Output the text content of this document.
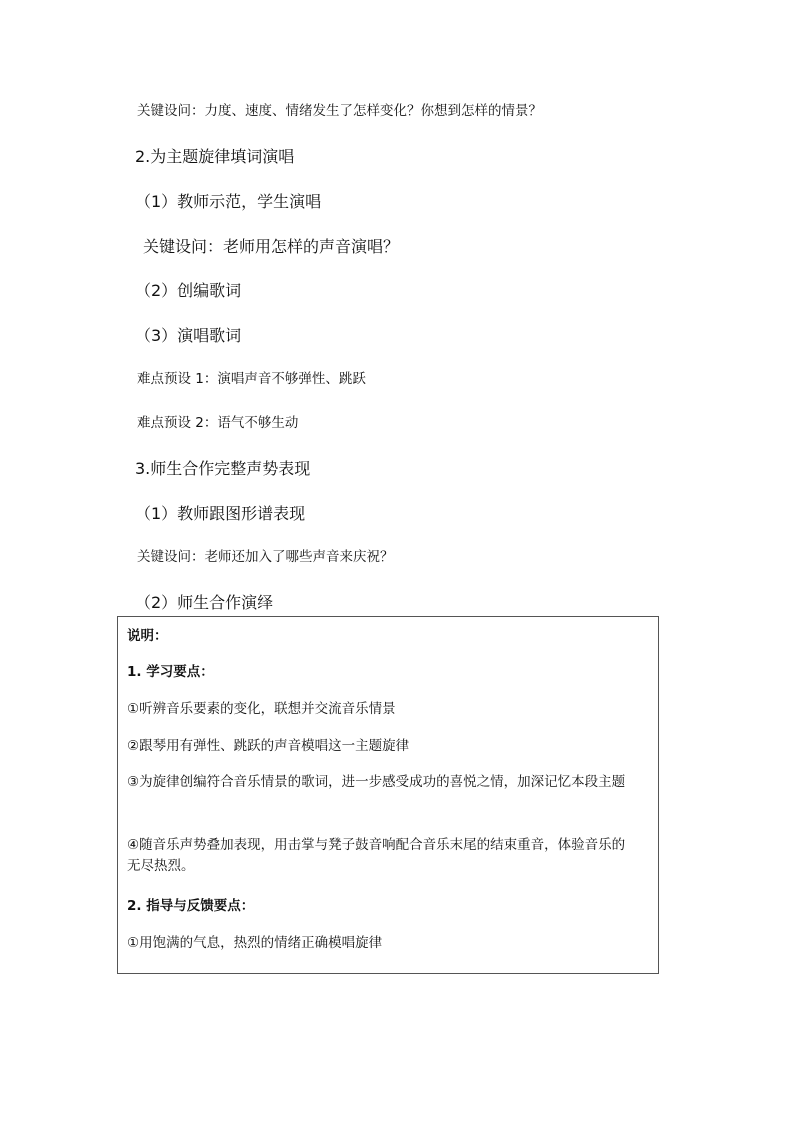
关键设问：力度、速度、情绪发生了怎样变化？你想到怎样的情景？
2.为主题旋律填词演唱
（1）教师示范，学生演唱
关键设问：老师用怎样的声音演唱？
（2）创编歌词
（3）演唱歌词
难点预设 1：演唱声音不够弹性、跳跃
难点预设 2：语气不够生动
3.师生合作完整声势表现
（1）教师跟图形谱表现
关键设问：老师还加入了哪些声音来庆祝？
（2）师生合作演绎
说明：
1. 学习要点：
①听辨音乐要素的变化，联想并交流音乐情景
②跟琴用有弹性、跳跃的声音模唱这一主题旋律
③为旋律创编符合音乐情景的歌词，进一步感受成功的喜悦之情，加深记忆本段主题
④随音乐声势叠加表现，用击掌与凳子鼓音响配合音乐末尾的结束重音，体验音乐的无尽热烈。
2. 指导与反馈要点：
①用饱满的气息，热烈的情绪正确模唱旋律
